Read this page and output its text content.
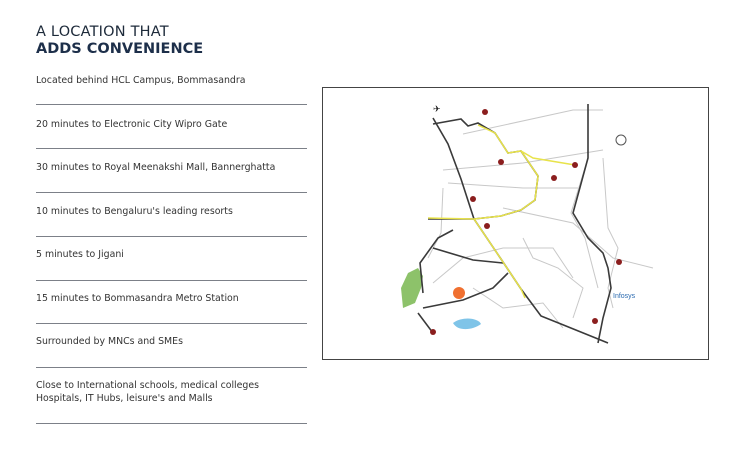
A LOCATION THAT
ADDS CONVENIENCE
Located behind HCL Campus, Bommasandra
20 minutes to Electronic City Wipro Gate
30 minutes to Royal Meenakshi Mall, Bannerghatta
10 minutes to Bengaluru's leading resorts
5 minutes to Jigani
15 minutes to Bommasandra Metro Station
Surrounded by MNCs and SMEs
Close to International schools, medical colleges Hospitals, IT Hubs, leisure's and Malls
✈
Infosys
